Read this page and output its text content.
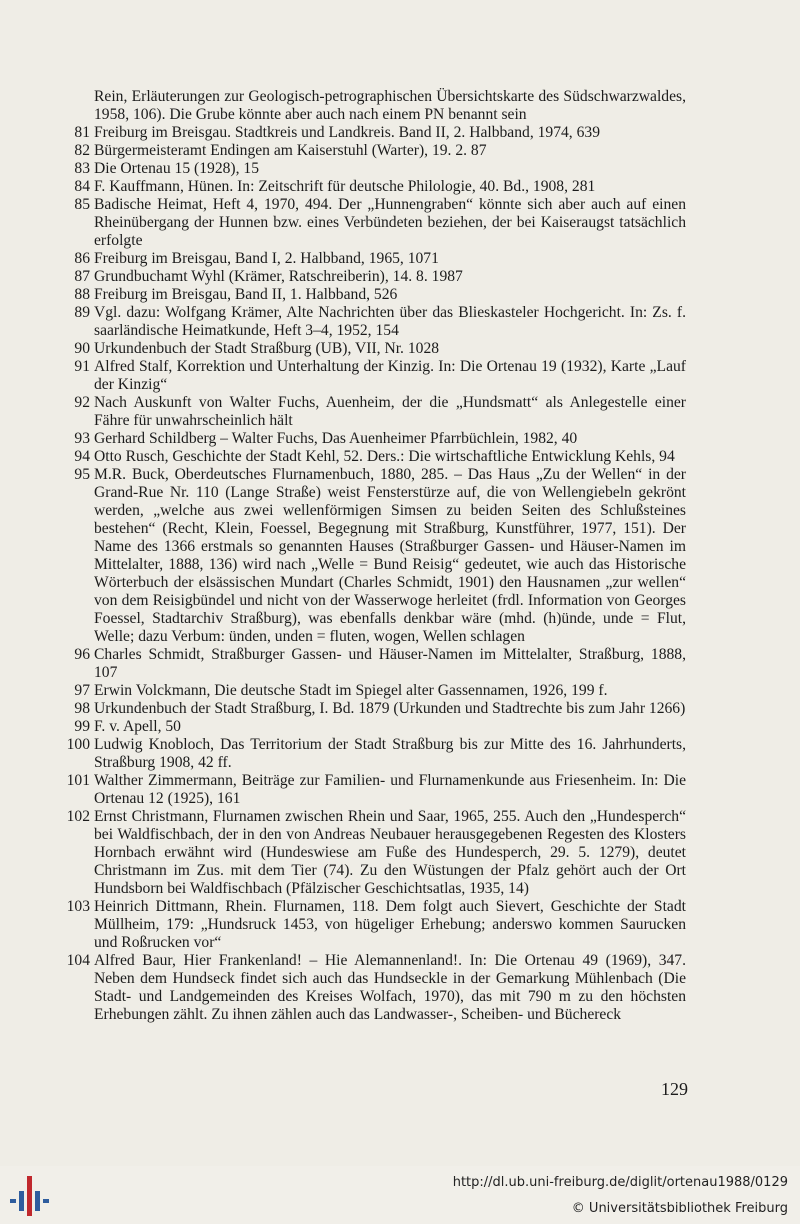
Rein, Erläuterungen zur Geologisch-petrographischen Übersichtskarte des Südschwarzwaldes, 1958, 106). Die Grube könnte aber auch nach einem PN benannt sein

81 Freiburg im Breisgau. Stadtkreis und Landkreis. Band II, 2. Halbband, 1974, 639

82 Bürgermeisteramt Endingen am Kaiserstuhl (Warter), 19. 2. 87

83 Die Ortenau 15 (1928), 15

84 F. Kauffmann, Hünen. In: Zeitschrift für deutsche Philologie, 40. Bd., 1908, 281

85 Badische Heimat, Heft 4, 1970, 494. Der „Hunnengraben“ könnte sich aber auch auf einen Rheinübergang der Hunnen bzw. eines Verbündeten beziehen, der bei Kaiseraugst tatsächlich erfolgte

86 Freiburg im Breisgau, Band I, 2. Halbband, 1965, 1071

87 Grundbuchamt Wyhl (Krämer, Ratschreiberin), 14. 8. 1987

88 Freiburg im Breisgau, Band II, 1. Halbband, 526

89 Vgl. dazu: Wolfgang Krämer, Alte Nachrichten über das Blieskasteler Hochgericht. In: Zs. f. saarländische Heimatkunde, Heft 3–4, 1952, 154

90 Urkundenbuch der Stadt Straßburg (UB), VII, Nr. 1028

91 Alfred Stalf, Korrektion und Unterhaltung der Kinzig. In: Die Ortenau 19 (1932), Karte „Lauf der Kinzig“

92 Nach Auskunft von Walter Fuchs, Auenheim, der die „Hundsmatt“ als Anlegestelle einer Fähre für unwahrscheinlich hält

93 Gerhard Schildberg – Walter Fuchs, Das Auenheimer Pfarrbüchlein, 1982, 40

94 Otto Rusch, Geschichte der Stadt Kehl, 52. Ders.: Die wirtschaftliche Entwicklung Kehls, 94

95 M.R. Buck, Oberdeutsches Flurnamenbuch, 1880, 285. – Das Haus „Zu der Wellen“ in der Grand-Rue Nr. 110 (Lange Straße) weist Fensterstürze auf, die von Wellengiebeln gekrönt werden, „welche aus zwei wellenförmigen Simsen zu beiden Seiten des Schlußsteines bestehen“ (Recht, Klein, Foessel, Begegnung mit Straßburg, Kunstführer, 1977, 151). Der Name des 1366 erstmals so genannten Hauses (Straßburger Gassen- und Häuser-Namen im Mittelalter, 1888, 136) wird nach „Welle = Bund Reisig“ gedeutet, wie auch das Historische Wörterbuch der elsässischen Mundart (Charles Schmidt, 1901) den Hausnamen „zur wellen“ von dem Reisigbündel und nicht von der Wasserwoge herleitet (frdl. Information von Georges Foessel, Stadtarchiv Straßburg), was ebenfalls denkbar wäre (mhd. (h)ünde, unde = Flut, Welle; dazu Verbum: ünden, unden = fluten, wogen, Wellen schlagen

96 Charles Schmidt, Straßburger Gassen- und Häuser-Namen im Mittelalter, Straßburg, 1888, 107

97 Erwin Volckmann, Die deutsche Stadt im Spiegel alter Gassennamen, 1926, 199 f.

98 Urkundenbuch der Stadt Straßburg, I. Bd. 1879 (Urkunden und Stadtrechte bis zum Jahr 1266)

99 F. v. Apell, 50

100 Ludwig Knobloch, Das Territorium der Stadt Straßburg bis zur Mitte des 16. Jahrhunderts, Straßburg 1908, 42 ff.

101 Walther Zimmermann, Beiträge zur Familien- und Flurnamenkunde aus Friesenheim. In: Die Ortenau 12 (1925), 161

102 Ernst Christmann, Flurnamen zwischen Rhein und Saar, 1965, 255. Auch den „Hundesperch“ bei Waldfischbach, der in den von Andreas Neubauer herausgegebenen Regesten des Klosters Hornbach erwähnt wird (Hundeswiese am Fuße des Hundesperch, 29. 5. 1279), deutet Christmann im Zus. mit dem Tier (74). Zu den Wüstungen der Pfalz gehört auch der Ort Hundsborn bei Waldfischbach (Pfälzischer Geschichtsatlas, 1935, 14)

103 Heinrich Dittmann, Rhein. Flurnamen, 118. Dem folgt auch Sievert, Geschichte der Stadt Müllheim, 179: „Hundsruck 1453, von hügeliger Erhebung; anderswo kommen Saurucken und Roßrucken vor“

104 Alfred Baur, Hier Frankenland! – Hie Alemannenland!. In: Die Ortenau 49 (1969), 347. Neben dem Hundseck findet sich auch das Hundseckle in der Gemarkung Mühlenbach (Die Stadt- und Landgemeinden des Kreises Wolfach, 1970), das mit 790 m zu den höchsten Erhebungen zählt. Zu ihnen zählen auch das Landwasser-, Scheiben- und Büchereck

129
http://dl.ub.uni-freiburg.de/diglit/ortenau1988/0129
© Universitätsbibliothek Freiburg
